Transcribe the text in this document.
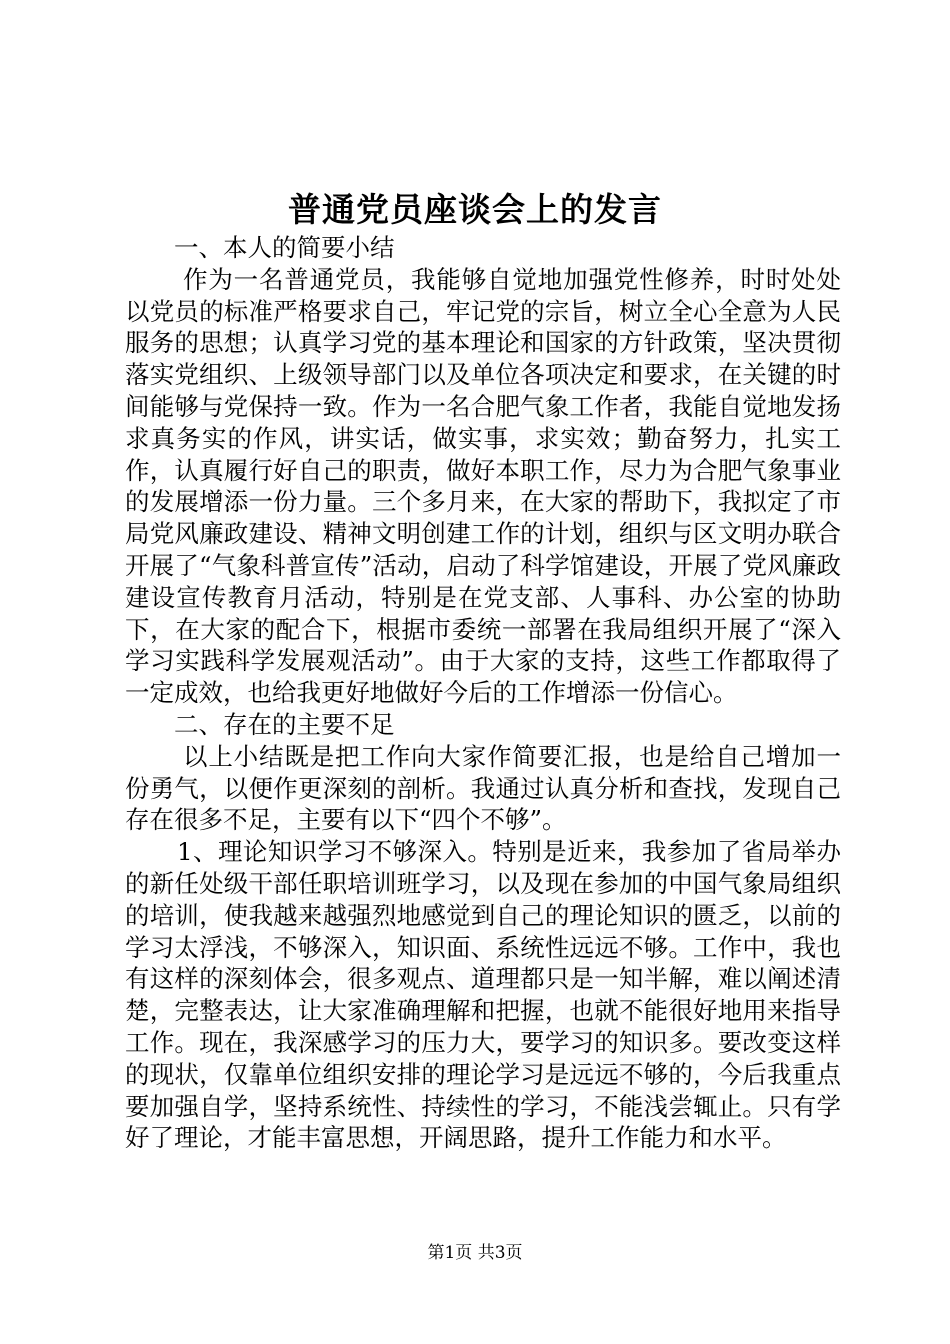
普通党员座谈会上的发言

一、本人的简要小结

作为一名普通党员，我能够自觉地加强党性修养，时时处处以党员的标准严格要求自己，牢记党的宗旨，树立全心全意为人民服务的思想；认真学习党的基本理论和国家的方针政策，坚决贯彻落实党组织、上级领导部门以及单位各项决定和要求，在关键的时间能够与党保持一致。作为一名合肥气象工作者，我能自觉地发扬求真务实的作风，讲实话，做实事，求实效；勤奋努力，扎实工作，认真履行好自己的职责，做好本职工作，尽力为合肥气象事业的发展增添一份力量。三个多月来，在大家的帮助下，我拟定了市局党风廉政建设、精神文明创建工作的计划，组织与区文明办联合开展了“气象科普宣传”活动，启动了科学馆建设，开展了党风廉政建设宣传教育月活动，特别是在党支部、人事科、办公室的协助下，在大家的配合下，根据市委统一部署在我局组织开展了“深入学习实践科学发展观活动”。由于大家的支持，这些工作都取得了一定成效，也给我更好地做好今后的工作增添一份信心。

二、存在的主要不足

以上小结既是把工作向大家作简要汇报，也是给自己增加一份勇气，以便作更深刻的剖析。我通过认真分析和查找，发现自己存在很多不足，主要有以下“四个不够”。

1、理论知识学习不够深入。特别是近来，我参加了省局举办的新任处级干部任职培训班学习，以及现在参加的中国气象局组织的培训，使我越来越强烈地感觉到自己的理论知识的匮乏，以前的学习太浮浅，不够深入，知识面、系统性远远不够。工作中，我也有这样的深刻体会，很多观点、道理都只是一知半解，难以阐述清楚，完整表达，让大家准确理解和把握，也就不能很好地用来指导工作。现在，我深感学习的压力大，要学习的知识多。要改变这样的现状，仅靠单位组织安排的理论学习是远远不够的，今后我重点要加强自学，坚持系统性、持续性的学习，不能浅尝辄止。只有学好了理论，才能丰富思想，开阔思路，提升工作能力和水平。

第1页 共3页
